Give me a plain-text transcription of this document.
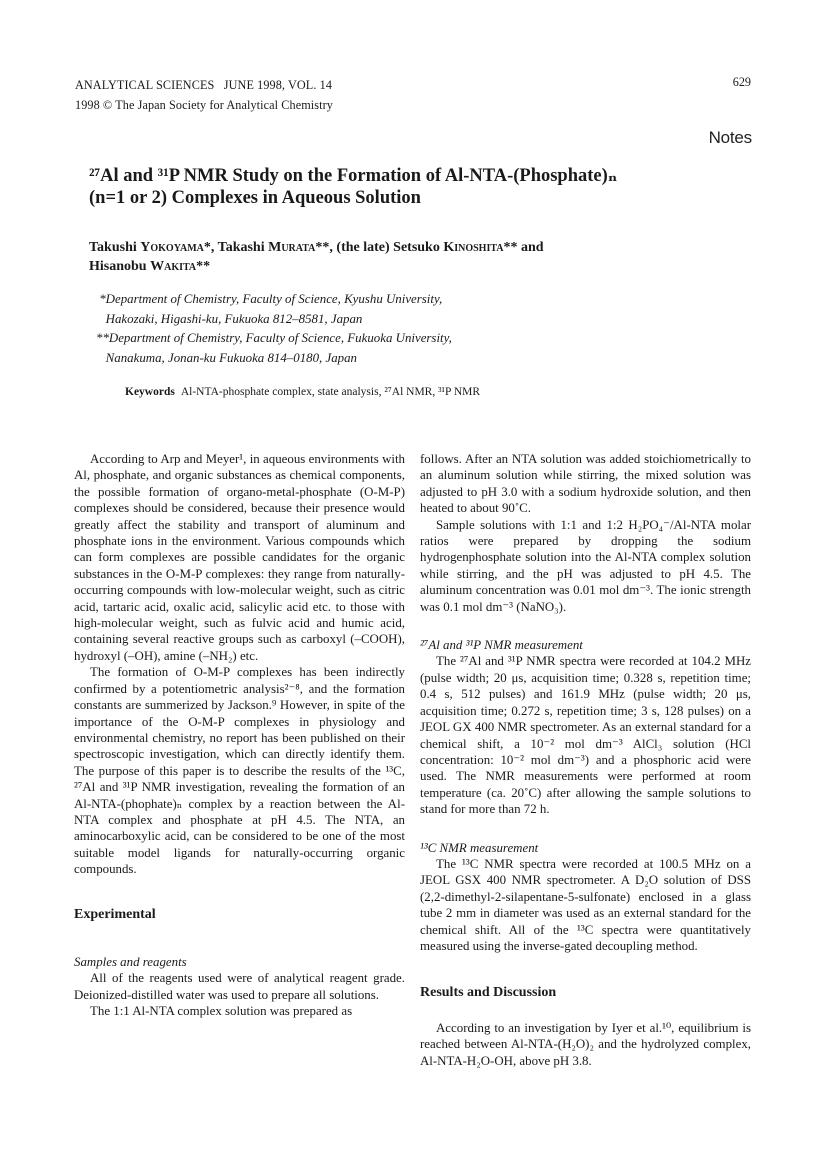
ANALYTICAL SCIENCES   JUNE 1998, VOL. 14
1998 © The Japan Society for Analytical Chemistry
629
Notes
²⁷Al and ³¹P NMR Study on the Formation of Al-NTA-(Phosphate)ₙ
(n=1 or 2) Complexes in Aqueous Solution
Takushi Yokoyama*, Takashi Murata**, (the late) Setsuko Kinoshita** and
Hisanobu Wakita**
*Department of Chemistry, Faculty of Science, Kyushu University,
Hakozaki, Higashi-ku, Fukuoka 812–8581, Japan
**Department of Chemistry, Faculty of Science, Fukuoka University,
Nanakuma, Jonan-ku Fukuoka 814–0180, Japan
Keywords Al-NTA-phosphate complex, state analysis, ²⁷Al NMR, ³¹P NMR

According to Arp and Meyer¹, in aqueous environments with Al, phosphate, and organic substances as chemical components, the possible formation of organo-metal-phosphate (O-M-P) complexes should be considered, because their presence would greatly affect the stability and transport of aluminum and phosphate ions in the environment. Various compounds which can form complexes are possible candidates for the organic substances in the O-M-P complexes: they range from naturally-occurring compounds with low-molecular weight, such as citric acid, tartaric acid, oxalic acid, salicylic acid etc. to those with high-molecular weight, such as fulvic acid and humic acid, containing several reactive groups such as carboxyl (–COOH), hydroxyl (–OH), amine (–NH₂) etc.

The formation of O-M-P complexes has been indirectly confirmed by a potentiometric analysis²⁻⁸, and the formation constants are summerized by Jackson.⁹ However, in spite of the importance of the O-M-P complexes in physiology and environmental chemistry, no report has been published on their spectroscopic investigation, which can directly identify them. The purpose of this paper is to describe the results of the ¹³C, ²⁷Al and ³¹P NMR investigation, revealing the formation of an Al-NTA-(phophate)ₙ complex by a reaction between the Al-NTA complex and phosphate at pH 4.5. The NTA, an aminocarboxylic acid, can be considered to be one of the most suitable model ligands for naturally-occurring organic compounds.

Experimental

Samples and reagents

All of the reagents used were of analytical reagent grade. Deionized-distilled water was used to prepare all solutions.

The 1:1 Al-NTA complex solution was prepared as

follows. After an NTA solution was added stoichiometrically to an aluminum solution while stirring, the mixed solution was adjusted to pH 3.0 with a sodium hydroxide solution, and then heated to about 90˚C.

Sample solutions with 1:1 and 1:2 H₂PO₄⁻/Al-NTA molar ratios were prepared by dropping the sodium hydrogenphosphate solution into the Al-NTA complex solution while stirring, and the pH was adjusted to pH 4.5. The aluminum concentration was 0.01 mol dm⁻³. The ionic strength was 0.1 mol dm⁻³ (NaNO₃).

²⁷Al and ³¹P NMR measurement

The ²⁷Al and ³¹P NMR spectra were recorded at 104.2 MHz (pulse width; 20 μs, acquisition time; 0.328 s, repetition time; 0.4 s, 512 pulses) and 161.9 MHz (pulse width; 20 μs, acquisition time; 0.272 s, repetition time; 3 s, 128 pulses) on a JEOL GX 400 NMR spectrometer. As an external standard for a chemical shift, a 10⁻² mol dm⁻³ AlCl₃ solution (HCl concentration: 10⁻² mol dm⁻³) and a phosphoric acid were used. The NMR measurements were performed at room temperature (ca. 20˚C) after allowing the sample solutions to stand for more than 72 h.

¹³C NMR measurement

The ¹³C NMR spectra were recorded at 100.5 MHz on a JEOL GSX 400 NMR spectrometer. A D₂O solution of DSS (2,2-dimethyl-2-silapentane-5-sulfonate) enclosed in a glass tube 2 mm in diameter was used as an external standard for the chemical shift. All of the ¹³C spectra were quantitatively measured using the inverse-gated decoupling method.

Results and Discussion

According to an investigation by Iyer et al.¹⁰, equilibrium is reached between Al-NTA-(H₂O)₂ and the hydrolyzed complex, Al-NTA-H₂O-OH, above pH 3.8.
